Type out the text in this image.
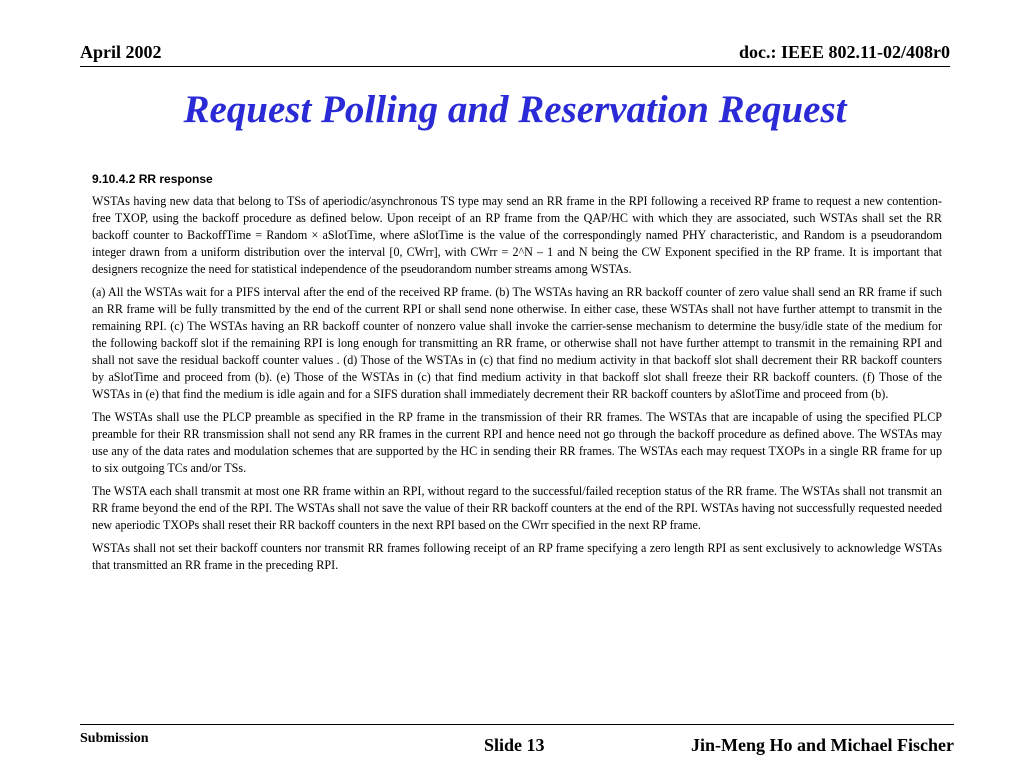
April 2002	doc.: IEEE 802.11-02/408r0
Request Polling and Reservation Request
9.10.4.2 RR response

WSTAs having new data that belong to TSs of aperiodic/asynchronous TS type may send an RR frame in the RPI following a received RP frame to request a new contention-free TXOP, using the backoff procedure as defined below. Upon receipt of an RP frame from the QAP/HC with which they are associated, such WSTAs shall set the RR backoff counter to BackoffTime = Random × aSlotTime, where aSlotTime is the value of the correspondingly named PHY characteristic, and Random is a pseudorandom integer drawn from a uniform distribution over the interval [0, CWrr], with CWrr = 2^N – 1 and N being the CW Exponent specified in the RP frame. It is important that designers recognize the need for statistical independence of the pseudorandom number streams among WSTAs.

(a) All the WSTAs wait for a PIFS interval after the end of the received RP frame. (b) The WSTAs having an RR backoff counter of zero value shall send an RR frame if such an RR frame will be fully transmitted by the end of the current RPI or shall send none otherwise. In either case, these WSTAs shall not have further attempt to transmit in the remaining RPI. (c) The WSTAs having an RR backoff counter of nonzero value shall invoke the carrier-sense mechanism to determine the busy/idle state of the medium for the following backoff slot if the remaining RPI is long enough for transmitting an RR frame, or otherwise shall not have further attempt to transmit in the remaining RPI and shall not save the residual backoff counter values . (d) Those of the WSTAs in (c) that find no medium activity in that backoff slot shall decrement their RR backoff counters by aSlotTime and proceed from (b). (e) Those of the WSTAs in (c) that find medium activity in that backoff slot shall freeze their RR backoff counters. (f) Those of the WSTAs in (e) that find the medium is idle again and for a SIFS duration shall immediately decrement their RR backoff counters by aSlotTime and proceed from (b).

The WSTAs shall use the PLCP preamble as specified in the RP frame in the transmission of their RR frames. The WSTAs that are incapable of using the specified PLCP preamble for their RR transmission shall not send any RR frames in the current RPI and hence need not go through the backoff procedure as defined above. The WSTAs may use any of the data rates and modulation schemes that are supported by the HC in sending their RR frames. The WSTAs each may request TXOPs in a single RR frame for up to six outgoing TCs and/or TSs.

The WSTA each shall transmit at most one RR frame within an RPI, without regard to the successful/failed reception status of the RR frame. The WSTAs shall not transmit an RR frame beyond the end of the RPI. The WSTAs shall not save the value of their RR backoff counters at the end of the RPI. WSTAs having not successfully requested needed new aperiodic TXOPs shall reset their RR backoff counters in the next RPI based on the CWrr specified in the next RP frame.

WSTAs shall not set their backoff counters nor transmit RR frames following receipt of an RP frame specifying a zero length RPI as sent exclusively to acknowledge WSTAs that transmitted an RR frame in the preceding RPI.

Submission	Slide 13	Jin-Meng Ho and Michael Fischer
